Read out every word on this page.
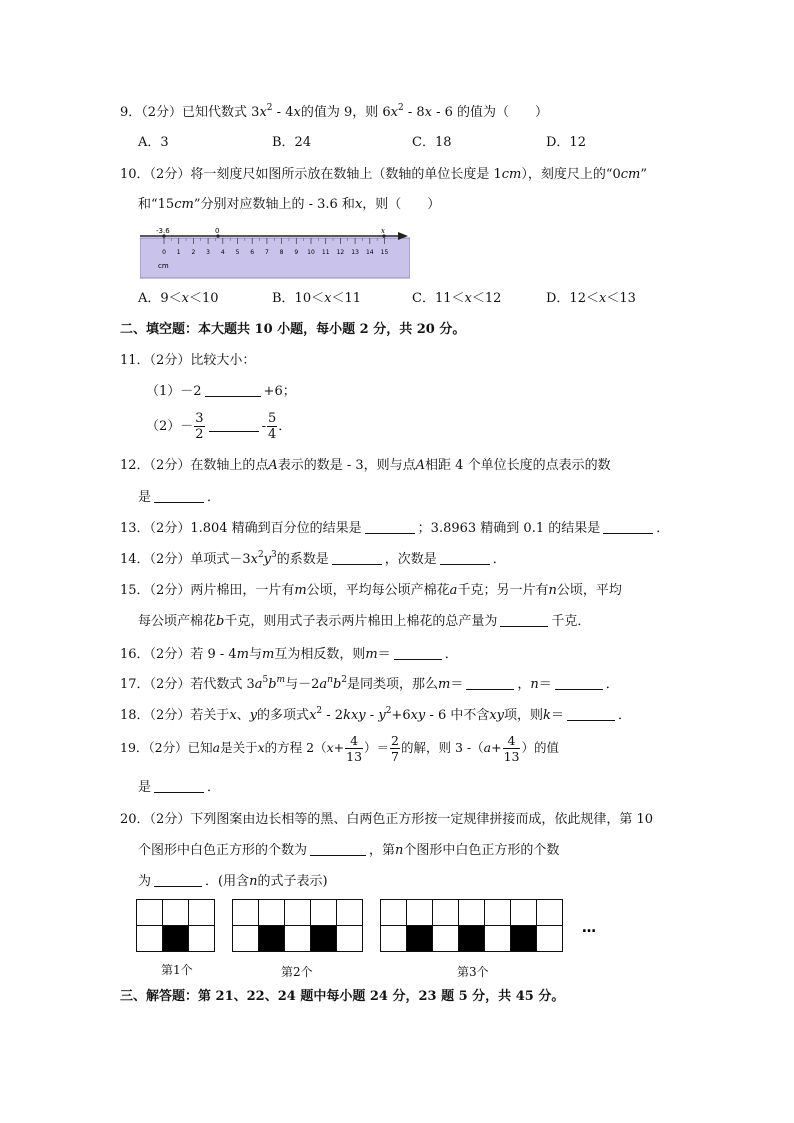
9．（2分）已知代数式 $3x^2 - 4x$的值为 9，则 $6x^2 - 8x - 6$ 的值为（　　）
A．3	B．24	C．18	D．12
10．（2分）将一刻度尺如图所示放在数轴上（数轴的单位长度是 1cm），刻度尺上的“0cm”
和“15cm”分别对应数轴上的 - 3.6 和x，则（　　）
-3.6	0	x
0 1 2 3 4 5 6 7 8 9 10 11 12 13 14 15
cm
A．9＜x＜10	B．10＜x＜11	C．11＜x＜12	D．12＜x＜13
二、填空题：本大题共 10 小题，每小题 2 分，共 20 分。
11．（2分）比较大小：
（1）－2	+6；
$(2)- \frac{3}{2}$	- $\frac{5}{4}$ ．
12．（2分）在数轴上的点A表示的数是 - 3，则与点A相距 4 个单位长度的点表示的数
是	．
13．（2分）1.804 精确到百分位的结果是	；3.8963 精确到 0.1 的结果是	．
14．（2分）单项式$-3x^2y^3$的系数是	，次数是	．
15．（2分）两片棉田，一片有m公顷，平均每公顷产棉花a千克；另一片有n公顷，平均
每公顷产棉花b千克，则用式子表示两片棉田上棉花的总产量为	千克．
16．（2分）若 9 - 4m与m互为相反数，则m＝	．
17．（2分）若代数式 $3a^5b^m$与$-2a^nb^2$是同类项，那么m＝	，n＝	．
18．（2分）若关于x、y的多项式$x^2 - 2kxy - y^2+6xy - 6$ 中不含xy项，则k＝	．
19．（2分）已知a是关于x的方程 $2(x+ \frac{4}{13}$ ）＝ $\frac{2}{7}$ 的解，则 3 $-(a+ \frac{4}{13}$ ）的值
是	．
20．（2分）下列图案由边长相等的黑、白两色正方形按一定规律拼接而成，依此规律，第 10
个图形中白色正方形的个数为	，第n个图形中白色正方形的个数
为	．(用含n的式子表示)
…
第1个	第2个	第3个
三、解答题：第 21、22、24 题中每小题 24 分，23 题 5 分，共 45 分。
